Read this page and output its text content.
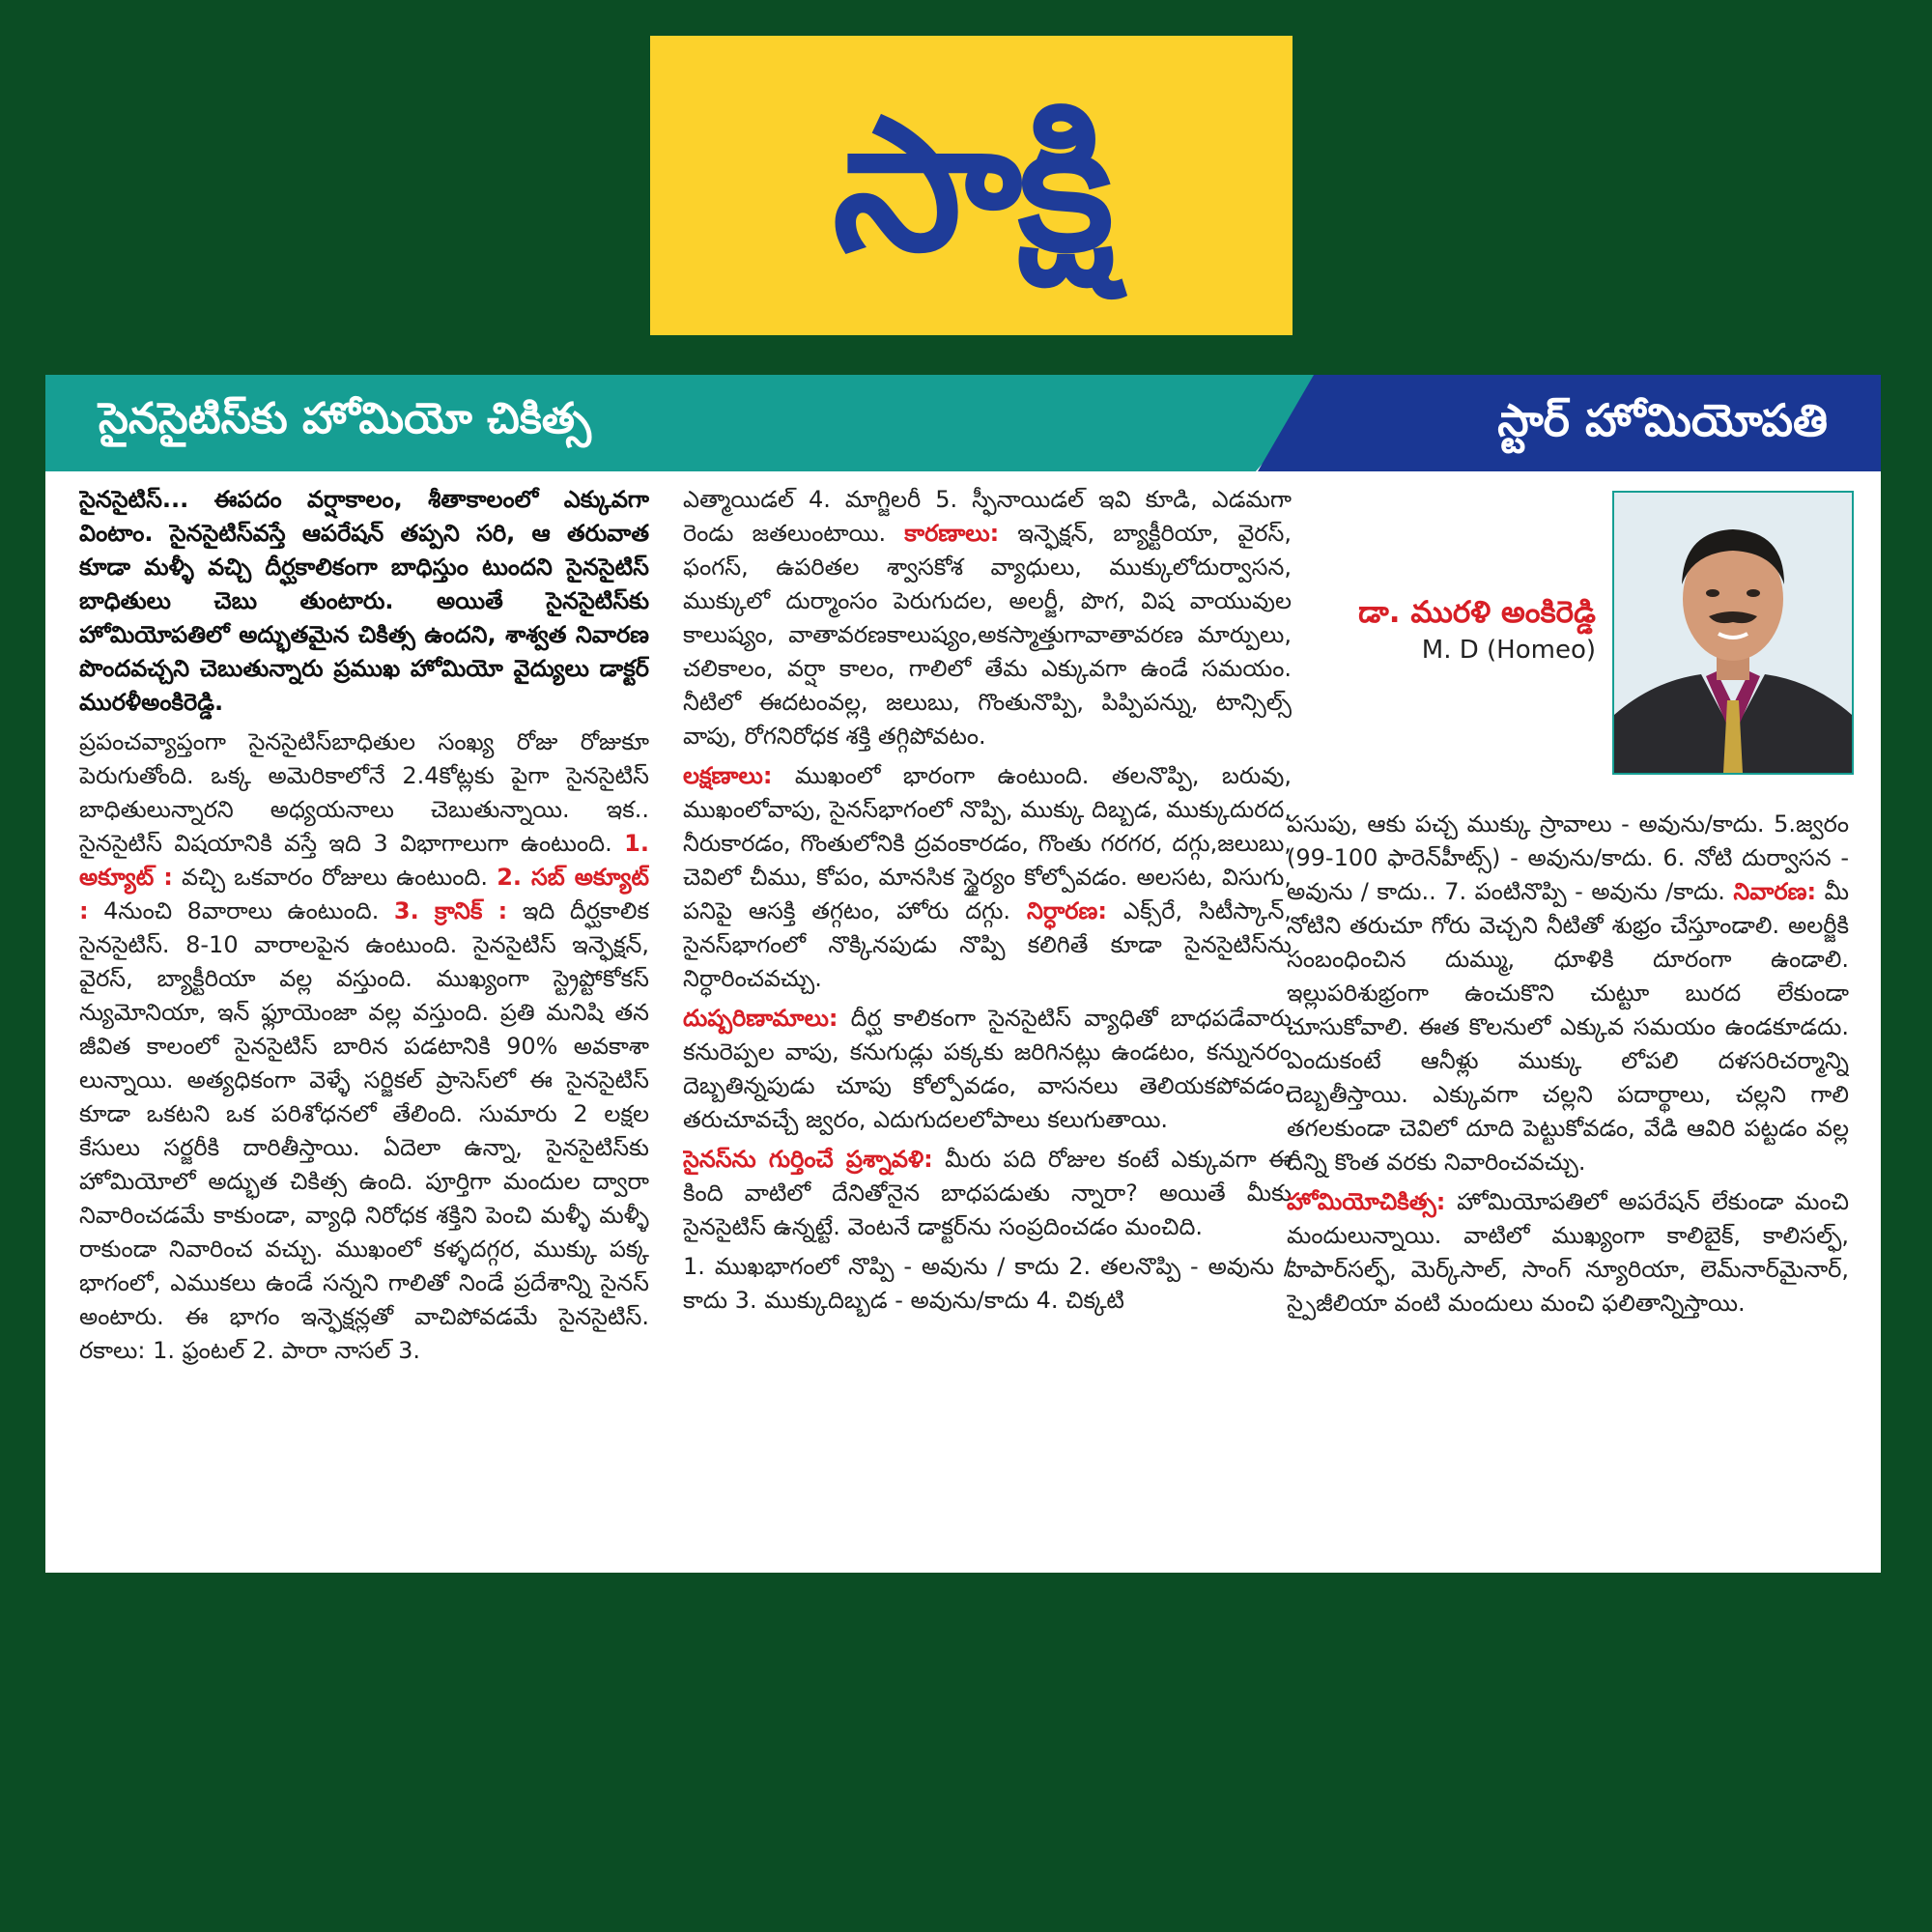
సాక్షి
సైనసైటిస్‌కు హోమియో చికిత్స	స్టార్ హోమియోపతి

సైనసైటిస్... ఈపదం వర్షాకాలం, శీతాకాలంలో ఎక్కువగా వింటాం. సైనసైటిస్‌వస్తే ఆపరేషన్ తప్పని సరి, ఆ తరువాత కూడా మళ్ళీ వచ్చి దీర్ఘకాలికంగా బాధిస్తుం టుందని సైనసైటిస్ బాధితులు చెబు తుంటారు. అయితే సైనసైటిస్‌కు హోమియోపతిలో అద్భుతమైన చికిత్స ఉందని, శాశ్వత నివారణ పొందవచ్చని చెబుతున్నారు ప్రముఖ హోమియో వైద్యులు డాక్టర్ మురళీఅంకిరెడ్డి.

ప్రపంచవ్యాప్తంగా సైనసైటిస్‌బాధితుల సంఖ్య రోజు రోజుకూ పెరుగుతోంది. ఒక్క అమెరికాలోనే 2.4కోట్లకు పైగా సైనసైటిస్ బాధితులున్నారని అధ్యయనాలు చెబుతున్నాయి. ఇక.. సైనసైటిస్ విషయానికి వస్తే ఇది 3 విభాగాలుగా ఉంటుంది. 1. అక్యూట్ : వచ్చి ఒకవారం రోజులు ఉంటుంది. 2. సబ్ అక్యూట్ : 4నుంచి 8వారాలు ఉంటుంది. 3. క్రానిక్ : ఇది దీర్ఘకాలిక సైనసైటిస్. 8-10 వారాలపైన ఉంటుంది. సైనసైటిస్ ఇన్ఫెక్షన్, వైరస్, బ్యాక్టీరియా వల్ల వస్తుంది. ముఖ్యంగా స్ట్రెప్టోకోకస్ న్యుమోనియా, ఇన్ ఫ్లూయెంజా వల్ల వస్తుంది. ప్రతి మనిషి తన జీవిత కాలంలో సైనసైటిస్ బారిన పడటానికి 90% అవకాశా లున్నాయి. అత్యధికంగా వెళ్ళే సర్జికల్ ప్రాసెస్‌లో ఈ సైనసైటిస్ కూడా ఒకటని ఒక పరిశోధనలో తేలింది. సుమారు 2 లక్షల కేసులు సర్జరీకి దారితీస్తాయి. ఏదెలా ఉన్నా, సైనసైటిస్‌కు హోమియోలో అద్భుత చికిత్స ఉంది. పూర్తిగా మందుల ద్వారా నివారించడమే కాకుండా, వ్యాధి నిరోధక శక్తిని పెంచి మళ్ళీ మళ్ళీ రాకుండా నివారించ వచ్చు. ముఖంలో కళ్ళదగ్గర, ముక్కు పక్క భాగంలో, ఎముకలు ఉండే సన్నని గాలితో నిండే ప్రదేశాన్ని సైనస్ అంటారు. ఈ భాగం ఇన్ఫెక్షన్లతో వాచిపోవడమే సైనసైటిస్. రకాలు: 1. ఫ్రంటల్ 2. పారా నాసల్ 3.

ఎత్మాయిడల్ 4. మాగ్జిలరీ 5. స్ఫీనాయిడల్ ఇవి కూడి, ఎడమగా రెండు జతలుంటాయి. కారణాలు: ఇన్ఫెక్షన్, బ్యాక్టీరియా, వైరస్, ఫంగస్, ఉపరితల శ్వాసకోశ వ్యాధులు, ముక్కులోదుర్వాసన, ముక్కులో దుర్మాంసం పెరుగుదల, అలర్జీ, పొగ, విష వాయువుల కాలుష్యం, వాతావరణకాలుష్యం,అకస్మాత్తుగావాతావరణ మార్పులు, చలికాలం, వర్షా కాలం, గాలిలో తేమ ఎక్కువగా ఉండే సమయం. నీటిలో ఈదటంవల్ల, జలుబు, గొంతునొప్పి, పిప్పిపన్ను, టాన్సిల్స్ వాపు, రోగనిరోధక శక్తి తగ్గిపోవటం.

లక్షణాలు: ముఖంలో భారంగా ఉంటుంది. తలనొప్పి, బరువు, ముఖంలోవాపు, సైనస్‌భాగంలో నొప్పి, ముక్కు దిబ్బడ, ముక్కుదురద, నీరుకారడం, గొంతులోనికి ద్రవంకారడం, గొంతు గరగర, దగ్గు,జలుబు, చెవిలో చీము, కోపం, మానసిక స్థైర్యం కోల్పోవడం. అలసట, విసుగు, పనిపై ఆసక్తి తగ్గటం, హోరు దగ్గు. నిర్ధారణ: ఎక్స్‌రే, సిటీస్కాన్, సైనస్‌భాగంలో నొక్కినపుడు నొప్పి కలిగితే కూడా సైనసైటిస్‌ను నిర్ధారించవచ్చు.

దుష్పరిణామాలు: దీర్ఘ కాలికంగా సైనసైటిస్ వ్యాధితో బాధపడేవారు కనురెప్పల వాపు, కనుగుడ్లు పక్కకు జరిగినట్లు ఉండటం, కన్నునరం దెబ్బతిన్నపుడు చూపు కోల్పోవడం, వాసనలు తెలియకపోవడం, తరుచూవచ్చే జ్వరం, ఎదుగుదలలోపాలు కలుగుతాయి.

సైనస్‌ను గుర్తించే ప్రశ్నావళి: మీరు పది రోజుల కంటే ఎక్కువగా ఈ కింది వాటిలో దేనితోనైన బాధపడుతు న్నారా? అయితే మీకు సైనసైటిస్ ఉన్నట్టే. వెంటనే డాక్టర్‌ను సంప్రదించడం మంచిది.

1. ముఖభాగంలో నొప్పి - అవును / కాదు 2. తలనొప్పి - అవును / కాదు 3. ముక్కుదిబ్బడ - అవును/కాదు 4. చిక్కటి

డా. మురళి అంకిరెడ్డి
M. D (Homeo)

పసుపు, ఆకు పచ్చ ముక్కు స్రావాలు - అవును/కాదు. 5.జ్వరం (99-100 ఫారెన్‌హీట్స్) - అవును/కాదు. 6. నోటి దుర్వాసన - అవును / కాదు.. 7. పంటినొప్పి - అవును /కాదు. నివారణ: మీ నోటిని తరుచూ గోరు వెచ్చని నీటితో శుభ్రం చేస్తూండాలి. అలర్జీకి సంబంధించిన దుమ్ము, ధూళికి దూరంగా ఉండాలి. ఇల్లుపరిశుభ్రంగా ఉంచుకొని చుట్టూ బురద లేకుండా చూసుకోవాలి. ఈత కొలనులో ఎక్కువ సమయం ఉండకూడదు. ఎందుకంటే ఆనీళ్లు ముక్కు లోపలి దళసరిచర్మాన్ని దెబ్బతీస్తాయి. ఎక్కువగా చల్లని పదార్థాలు, చల్లని గాలి తగలకుండా చెవిలో దూది పెట్టుకోవడం, వేడి ఆవిరి పట్టడం వల్ల దీన్ని కొంత వరకు నివారించవచ్చు.

హోమియోచికిత్స: హోమియోపతిలో అపరేషన్ లేకుండా మంచి మందులున్నాయి. వాటిలో ముఖ్యంగా కాలిబైక్, కాలిసల్ఫ్, హెపార్‌సల్ఫ్, మెర్క్‌సాల్, సాంగ్ న్యూరియా, లెమ్‌నార్‌మైనార్, స్పైజీలియా వంటి మందులు మంచి ఫలితాన్నిస్తాయి.
